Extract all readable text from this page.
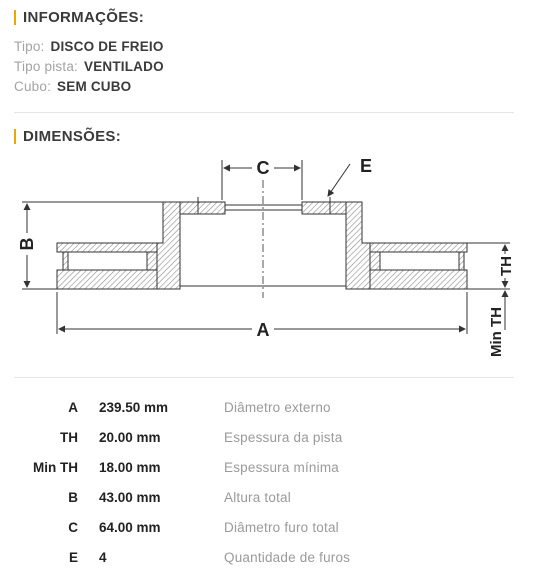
INFORMAÇÕES:
Tipo: DISCO DE FREIO
Tipo pista: VENTILADO
Cubo: SEM CUBO
DIMENSÕES:
C	E
B
A
TH
Min TH
A 239.50 mm	Diâmetro externo
TH 20.00 mm	Espessura da pista
Min TH 18.00 mm	Espessura mínima
B 43.00 mm	Altura total
C 64.00 mm	Diâmetro furo total
E 4	Quantidade de furos
